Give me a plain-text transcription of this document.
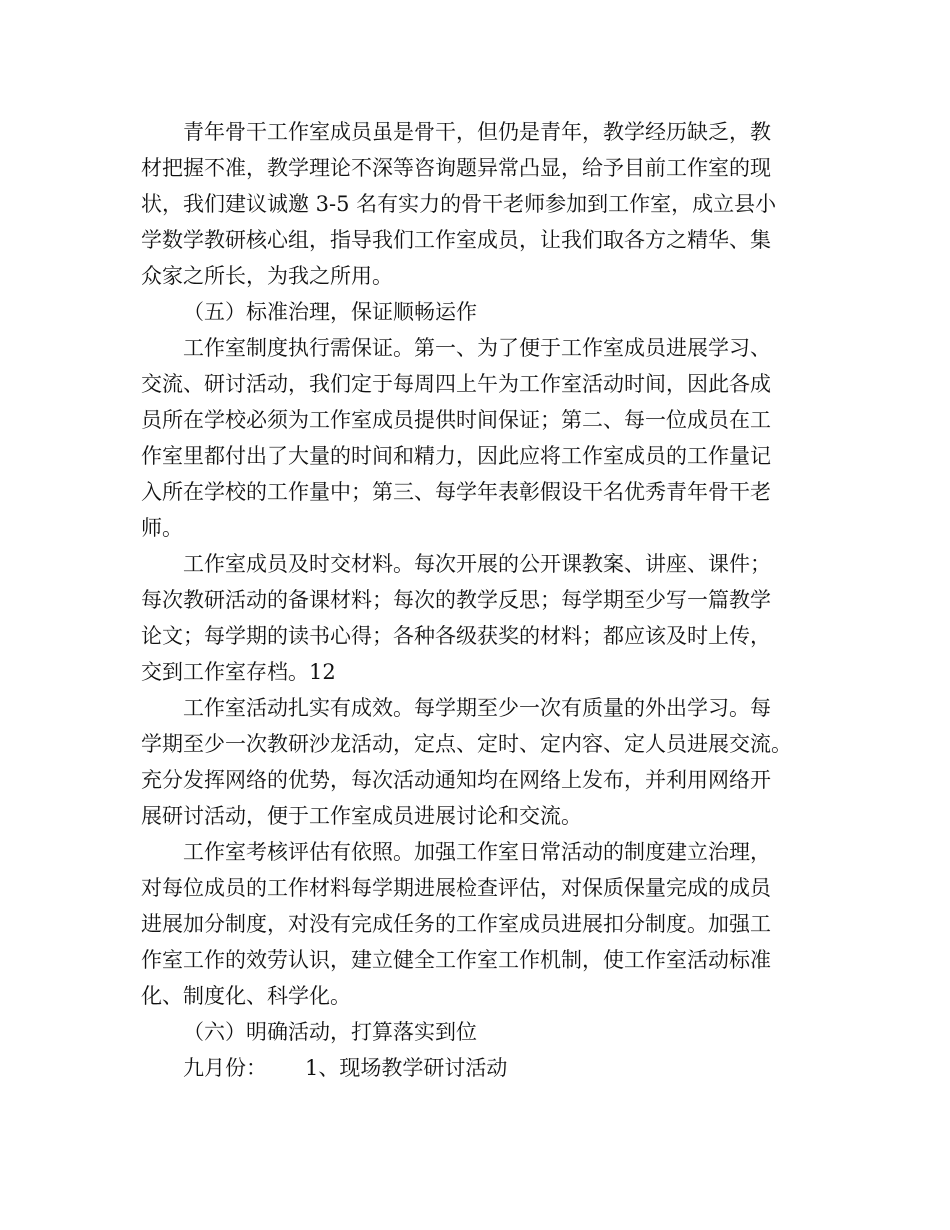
青年骨干工作室成员虽是骨干，但仍是青年，教学经历缺乏，教
材把握不准，教学理论不深等咨询题异常凸显，给予目前工作室的现
状，我们建议诚邀 3-5 名有实力的骨干老师参加到工作室，成立县小
学数学教研核心组，指导我们工作室成员，让我们取各方之精华、集
众家之所长，为我之所用。
（五）标准治理，保证顺畅运作
工作室制度执行需保证。第一、为了便于工作室成员进展学习、
交流、研讨活动，我们定于每周四上午为工作室活动时间，因此各成
员所在学校必须为工作室成员提供时间保证；第二、每一位成员在工
作室里都付出了大量的时间和精力，因此应将工作室成员的工作量记
入所在学校的工作量中；第三、每学年表彰假设干名优秀青年骨干老
师。
工作室成员及时交材料。每次开展的公开课教案、讲座、课件；
每次教研活动的备课材料；每次的教学反思；每学期至少写一篇教学
论文；每学期的读书心得；各种各级获奖的材料；都应该及时上传，
交到工作室存档。12
工作室活动扎实有成效。每学期至少一次有质量的外出学习。每
学期至少一次教研沙龙活动，定点、定时、定内容、定人员进展交流。
充分发挥网络的优势，每次活动通知均在网络上发布，并利用网络开
展研讨活动，便于工作室成员进展讨论和交流。
工作室考核评估有依照。加强工作室日常活动的制度建立治理，
对每位成员的工作材料每学期进展检查评估，对保质保量完成的成员
进展加分制度，对没有完成任务的工作室成员进展扣分制度。加强工
作室工作的效劳认识，建立健全工作室工作机制，使工作室活动标准
化、制度化、科学化。
（六）明确活动，打算落实到位
九月份： 1、现场教学研讨活动
